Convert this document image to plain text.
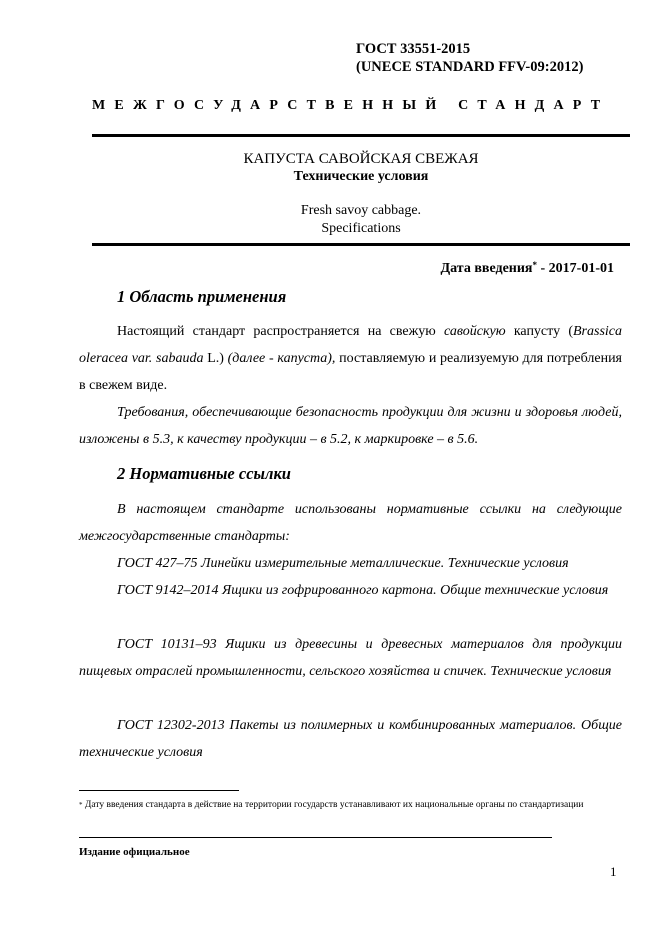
ГОСТ 33551-2015
(UNECE STANDARD FFV-09:2012)
МЕЖГОСУДАРСТВЕННЫЙ СТАНДАРТ
КАПУСТА САВОЙСКАЯ СВЕЖАЯ
Технические условия
Fresh savoy cabbage.
Specifications
Дата введения* - 2017-01-01
1 Область применения
Настоящий стандарт распространяется на свежую савойскую капусту (Brassica oleracea var. sabauda L.) (далее - капуста), поставляемую и реализуемую для потребления в свежем виде.
Требования, обеспечивающие безопасность продукции для жизни и здоровья людей, изложены в 5.3, к качеству продукции – в 5.2, к маркировке – в 5.6.
2 Нормативные ссылки
В настоящем стандарте использованы нормативные ссылки на следующие межгосударственные стандарты:
ГОСТ 427–75 Линейки измерительные металлические. Технические условия
ГОСТ 9142–2014 Ящики из гофрированного картона. Общие технические условия
ГОСТ 10131–93 Ящики из древесины и древесных материалов для продукции пищевых отраслей промышленности, сельского хозяйства и спичек. Технические условия
ГОСТ 12302-2013 Пакеты из полимерных и комбинированных материалов. Общие технические условия
* Дату введения стандарта в действие на территории государств устанавливают их национальные органы по стандартизации
Издание официальное
1
